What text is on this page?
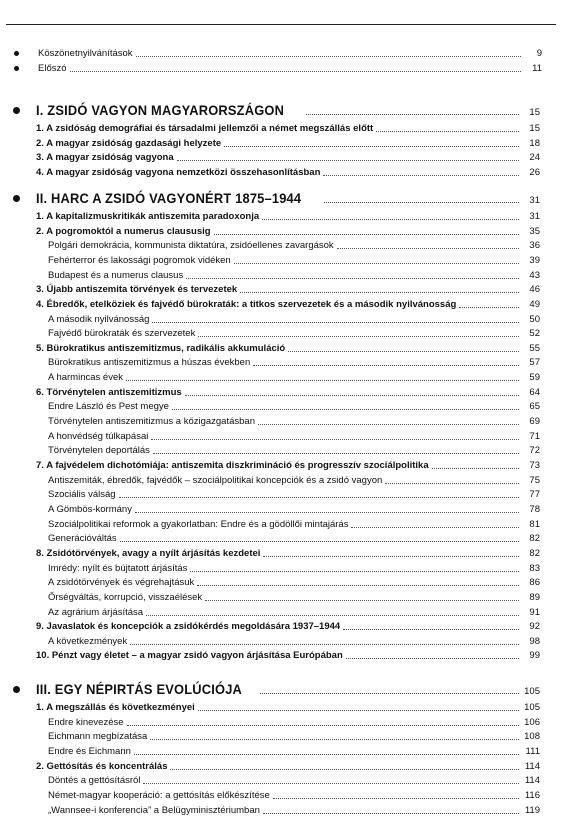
Köszönetnyilvánítások	9
Előszó	11
I. ZSIDÓ VAGYON MAGYARORSZÁGON	15
1. A zsidóság demográfiai és társadalmi jellemzői a német megszállás előtt	15
2. A magyar zsidóság gazdasági helyzete	18
3. A magyar zsidóság vagyona	24
4. A magyar zsidóság vagyona nemzetközi összehasonlításban	26
II. HARC A ZSIDÓ VAGYONÉRT 1875–1944	31
1. A kapitalizmuskritikák antiszemita paradoxonja	31
2. A pogromoktól a numerus claususig	35
Polgári demokrácia, kommunista diktatúra, zsidóellenes zavargások	36
Fehérterror és lakossági pogromok vidéken	39
Budapest és a numerus clausus	43
3. Újabb antiszemita törvények és tervezetek	46
4. Ébredők, etelköziek és fajvédő bürokraták: a titkos szervezetek és a második nyilvánosság	49
A második nyilvánosság	50
Fajvédő bürokraták és szervezetek	52
5. Bürokratikus antiszemitizmus, radikális akkumuláció	55
Bürokratikus antiszemitizmus a húszas években	57
A harmincas évek	59
6. Törvénytelen antiszemitizmus	64
Endre László és Pest megye	65
Törvénytelen antiszemitizmus a közigazgatásban	69
A honvédség túlkapásai	71
Törvénytelen deportálás	72
7. A fajvédelem dichotómiája: antiszemita diszkrimináció és progresszív szociálpolitika	73
Antiszemiták, ébredők, fajvédők – szociálpolitikai koncepciók és a zsidó vagyon	75
Szociális válság	77
A Gömbös-kormány	78
Szociálpolitikai reformok a gyakorlatban: Endre és a gödöllői mintajárás	81
Generációváltás	82
8. Zsidótörvények, avagy a nyílt árjásítás kezdetei	82
Imrédy: nyílt és bújtatott árjásítás	83
A zsidótörvények és végrehajtásuk	86
Őrségváltás, korrupció, visszaélések	89
Az agrárium árjásítása	91
9. Javaslatok és koncepciók a zsidókérdés megoldására 1937–1944	92
A következmények	98
10. Pénzt vagy életet – a magyar zsidó vagyon árjásítása Európában	99
III. EGY NÉPIRTÁS EVOLÚCIÓJA	105
1. A megszállás és következményei	105
Endre kinevezése	106
Eichmann megbízatása	108
Endre és Eichmann	111
2. Gettósítás és koncentrálás	114
Döntés a gettósításról	114
Német-magyar kooperáció: a gettósítás előkészítése	116
„Wannsee-i konferencia” a Belügyminisztériumban	119
